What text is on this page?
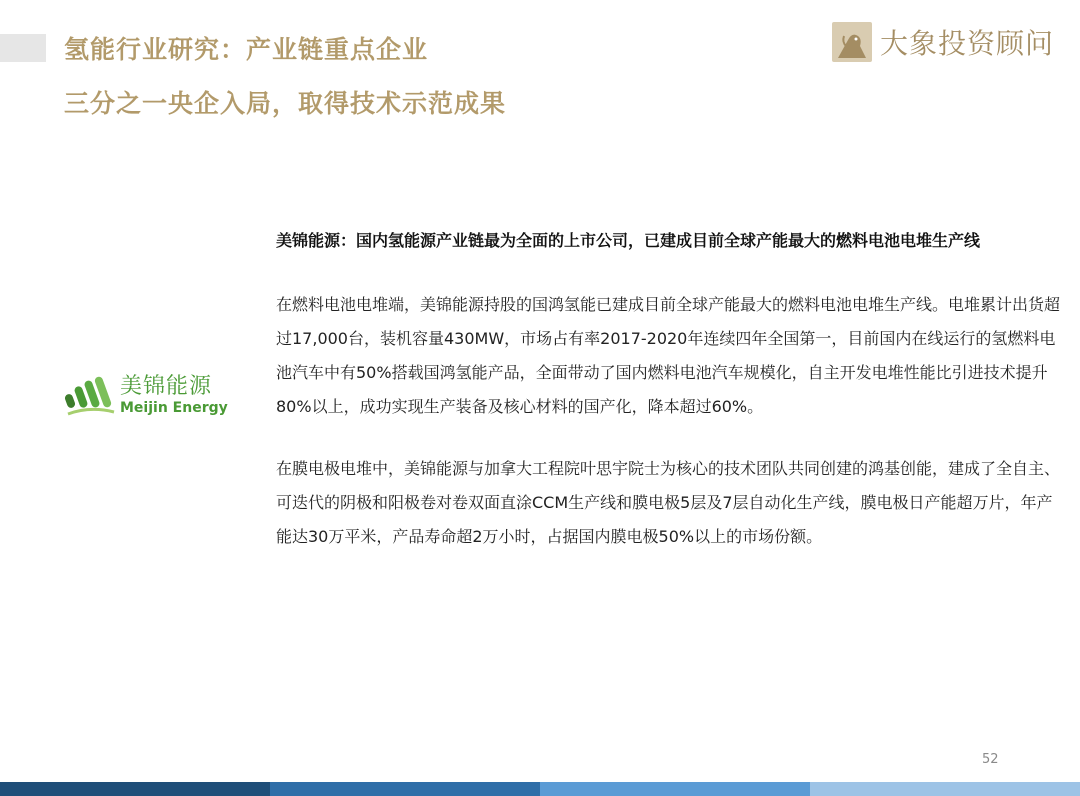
氢能行业研究：产业链重点企业
三分之一央企入局，取得技术示范成果
大象投资顾问
美锦能源
Meijin Energy

美锦能源：国内氢能源产业链最为全面的上市公司，已建成目前全球产能最大的燃料电池电堆生产线

在燃料电池电堆端，美锦能源持股的国鸿氢能已建成目前全球产能最大的燃料电池电堆生产线。电堆累计出货超过17,000台，装机容量430MW，市场占有率2017-2020年连续四年全国第一，目前国内在线运行的氢燃料电池汽车中有50%搭载国鸿氢能产品，全面带动了国内燃料电池汽车规模化，自主开发电堆性能比引进技术提升80%以上，成功实现生产装备及核心材料的国产化，降本超过60%。

在膜电极电堆中，美锦能源与加拿大工程院叶思宇院士为核心的技术团队共同创建的鸿基创能，建成了全自主、可迭代的阴极和阳极卷对卷双面直涂CCM生产线和膜电极5层及7层自动化生产线，膜电极日产能超万片，年产能达30万平米，产品寿命超2万小时，占据国内膜电极50%以上的市场份额。

52
